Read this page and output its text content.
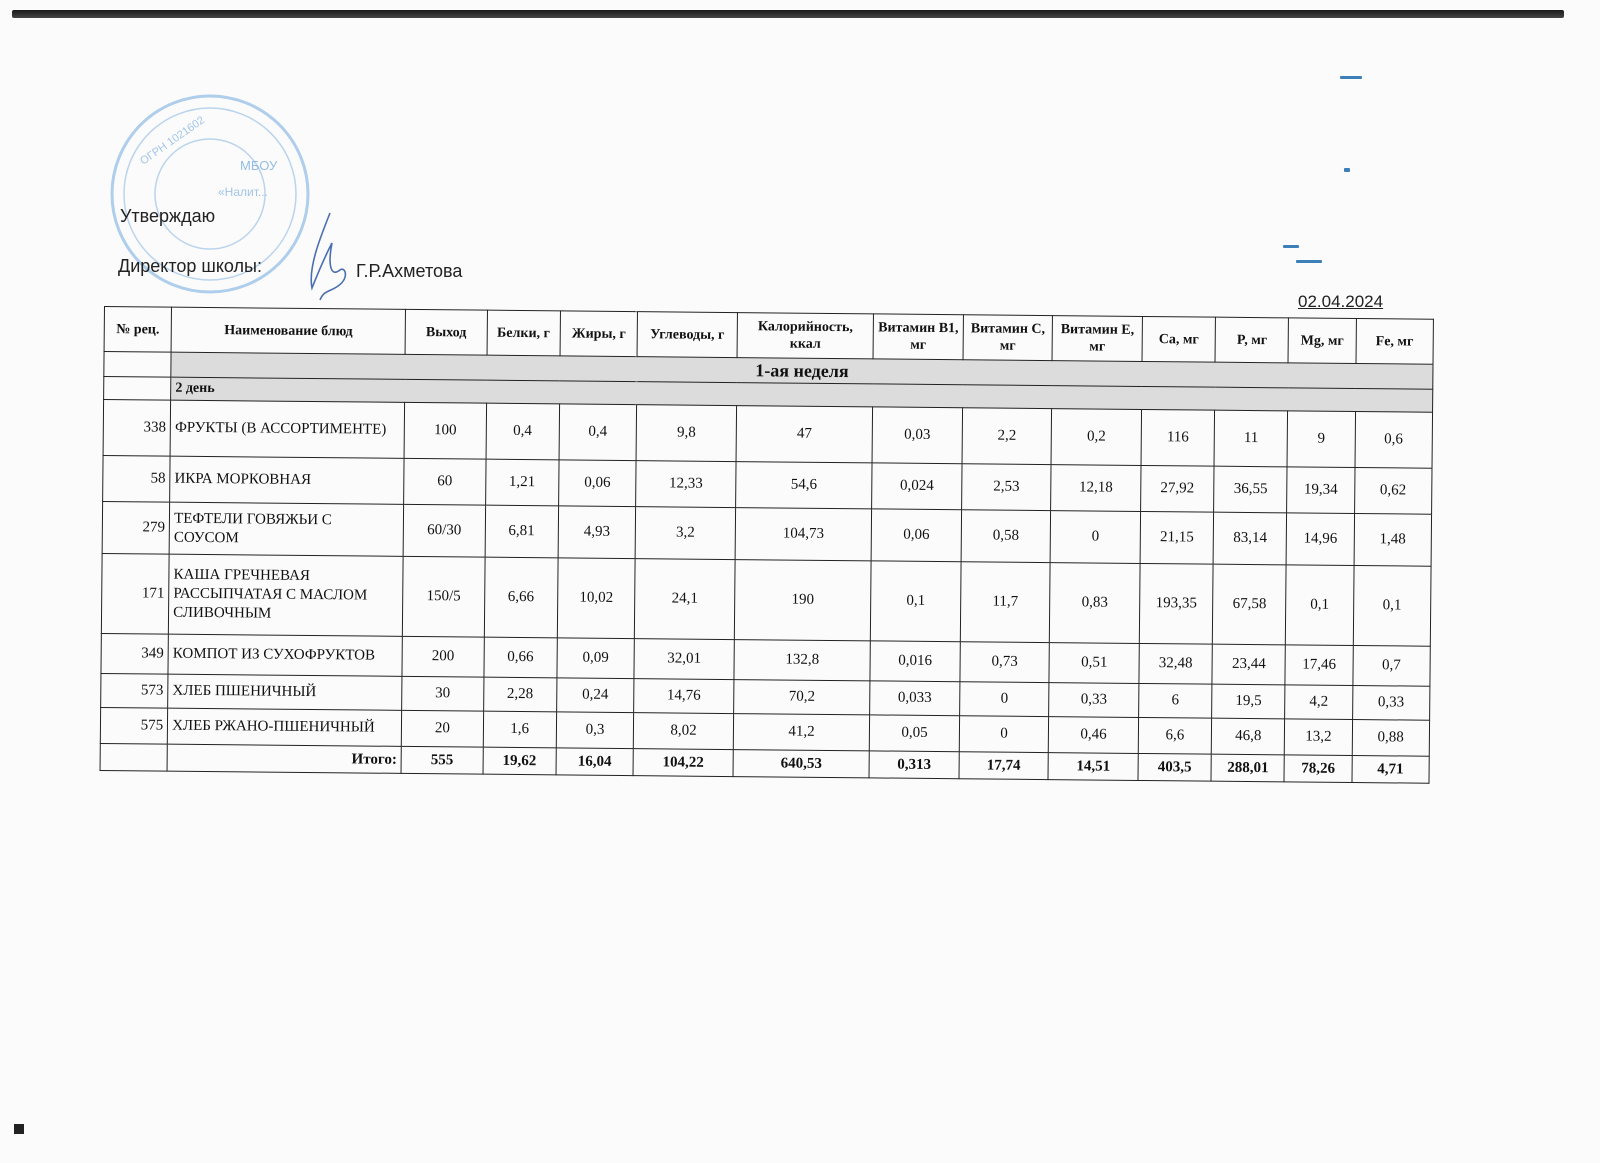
МБОУ
ОГРН 1021602
«Налит...
Утверждаю
Директор школы:	Г.Р.Ахметова
02.04.2024
№ рец.	Наименование блюд	Выход	Белки, г	Жиры, г	Углеводы, г	Калорийность, ккал	Витамин B1, мг	Витамин C, мг	Витамин E, мг	Ca, мг	P, мг	Mg, мг	Fe, мг
	1-ая неделя												
	2 день												
338	ФРУКТЫ (В АССОРТИМЕНТЕ)	100	0,4	0,4	9,8	47	0,03	2,2	0,2	116	11	9	0,6
58	ИКРА МОРКОВНАЯ	60	1,21	0,06	12,33	54,6	0,024	2,53	12,18	27,92	36,55	19,34	0,62
279	ТЕФТЕЛИ ГОВЯЖЬИ С СОУСОМ	60/30	6,81	4,93	3,2	104,73	0,06	0,58	0	21,15	83,14	14,96	1,48
171	КАША ГРЕЧНЕВАЯ РАССЫПЧАТАЯ С МАСЛОМ СЛИВОЧНЫМ	150/5	6,66	10,02	24,1	190	0,1	11,7	0,83	193,35	67,58	0,1	0,1
349	КОМПОТ ИЗ СУХОФРУКТОВ	200	0,66	0,09	32,01	132,8	0,016	0,73	0,51	32,48	23,44	17,46	0,7
573	ХЛЕБ ПШЕНИЧНЫЙ	30	2,28	0,24	14,76	70,2	0,033	0	0,33	6	19,5	4,2	0,33
575	ХЛЕБ РЖАНО-ПШЕНИЧНЫЙ	20	1,6	0,3	8,02	41,2	0,05	0	0,46	6,6	46,8	13,2	0,88
	Итого:	555	19,62	16,04	104,22	640,53	0,313	17,74	14,51	403,5	288,01	78,26	4,71
